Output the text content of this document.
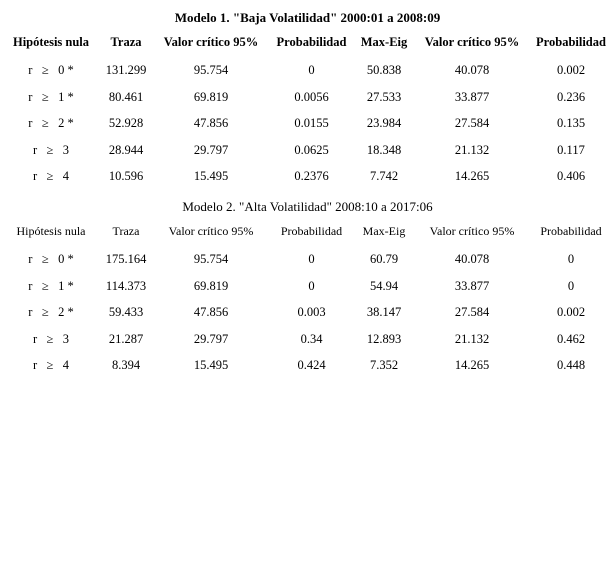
Modelo 1. "Baja Volatilidad" 2000:01 a 2008:09
Hipótesis nula	Traza	Valor crítico 95%	Probabilidad	Max-Eig	Valor crítico 95%	Probabilidad
r   ≥   0 *	131.299	95.754	0	50.838	40.078	0.002
r   ≥   1 *	80.461	69.819	0.0056	27.533	33.877	0.236
r   ≥   2 *	52.928	47.856	0.0155	23.984	27.584	0.135
r   ≥   3	28.944	29.797	0.0625	18.348	21.132	0.117
r   ≥   4	10.596	15.495	0.2376	7.742	14.265	0.406
Modelo 2. "Alta Volatilidad" 2008:10 a 2017:06
Hipótesis nula	Traza	Valor crítico 95%	Probabilidad	Max-Eig	Valor crítico 95%	Probabilidad
r   ≥   0 *	175.164	95.754	0	60.79	40.078	0
r   ≥   1 *	114.373	69.819	0	54.94	33.877	0
r   ≥   2 *	59.433	47.856	0.003	38.147	27.584	0.002
r   ≥   3	21.287	29.797	0.34	12.893	21.132	0.462
r   ≥   4	8.394	15.495	0.424	7.352	14.265	0.448
